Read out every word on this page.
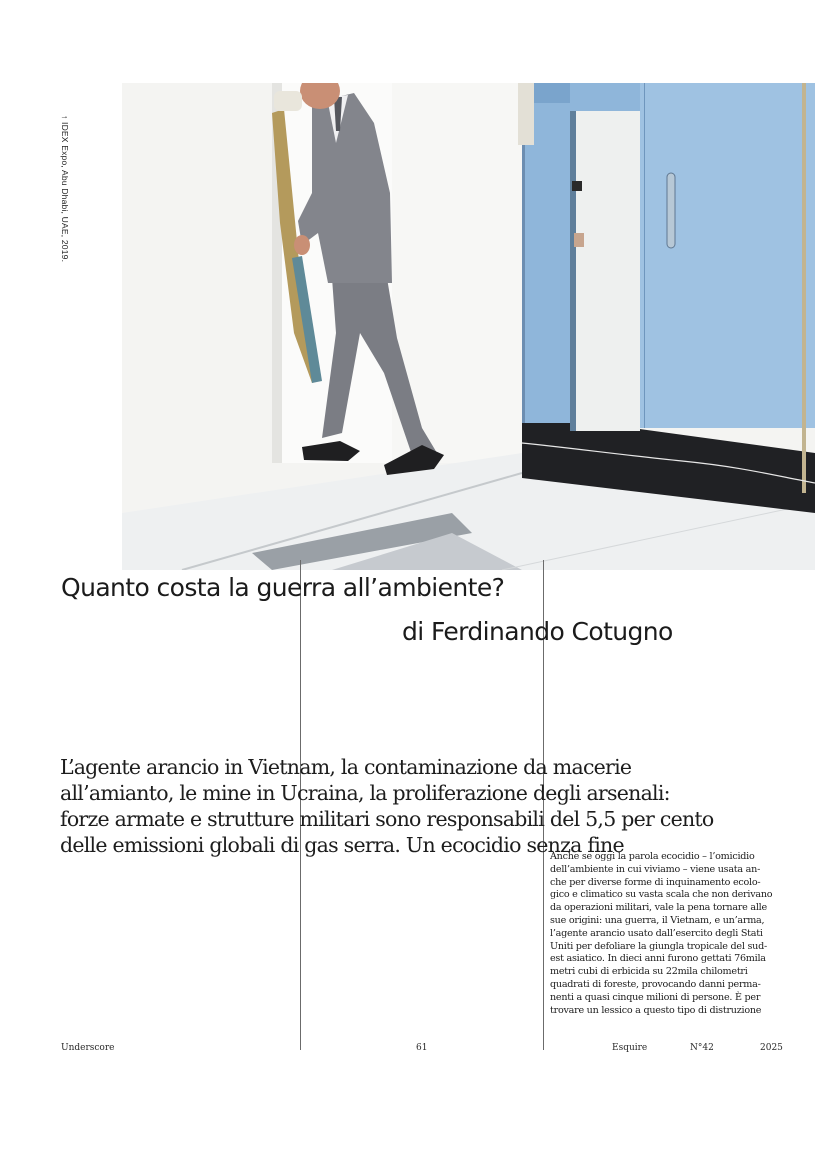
↑ IDEX Expo, Abu Dhabi, UAE, 2019.
Quanto costa la guerra all’ambiente?
di Ferdinando Cotugno
L’agente arancio in Vietnam, la contaminazione da macerie
all’amianto, le mine in Ucraina, la proliferazione degli arsenali:
forze armate e strutture militari sono responsabili del 5,5 per cento
delle emissioni globali di gas serra. Un ecocidio senza fine
Anche se oggi la parola ecocidio – l’omicidio
dell’ambiente in cui viviamo – viene usata an-
che per diverse forme di inquinamento ecolo-
gico e climatico su vasta scala che non derivano
da operazioni militari, vale la pena tornare alle
sue origini: una guerra, il Vietnam, e un’arma,
l’agente arancio usato dall’esercito degli Stati
Uniti per defoliare la giungla tropicale del sud-
est asiatico. In dieci anni furono gettati 76mila
metri cubi di erbicida su 22mila chilometri
quadrati di foreste, provocando danni perma-
nenti a quasi cinque milioni di persone. È per
trovare un lessico a questo tipo di distruzione
Underscore	61	Esquire	N°42	2025
